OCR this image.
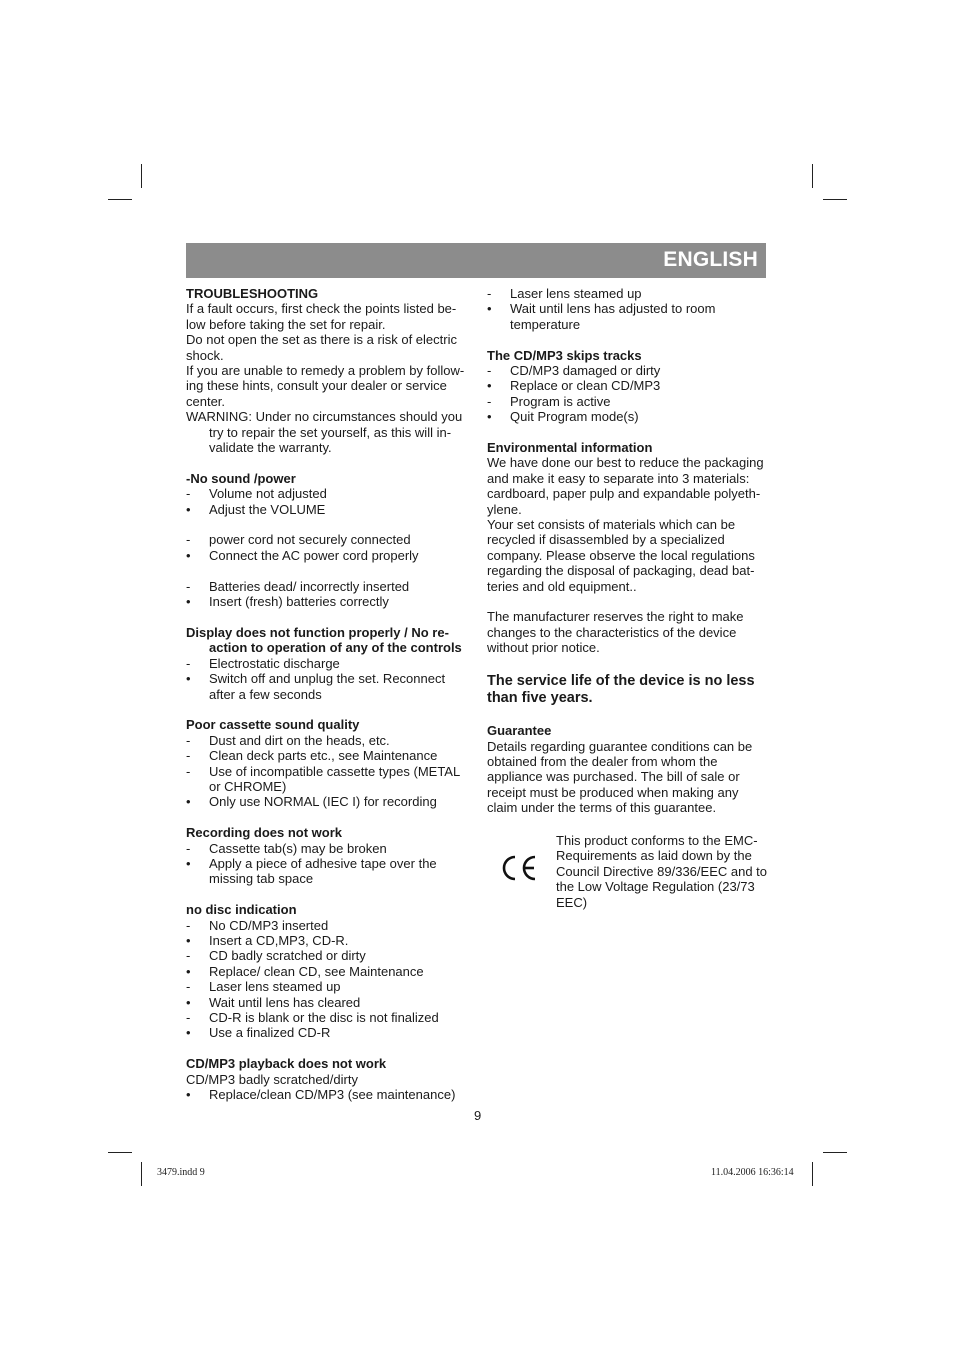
ENGLISH

TROUBLESHOOTING

If a fault occurs, first check the points listed be-low before taking the set for repair.

Do not open the set as there is a risk of electric shock.

If you are unable to remedy a problem by follow-ing these hints, consult your dealer or service center.

WARNING: Under no circumstances should you try to repair the set yourself, as this will in-validate the warranty.

-No sound /power

-	Volume not adjusted
•	Adjust the VOLUME
-	power cord not securely connected
•	Connect the AC power cord properly
-	Batteries dead/ incorrectly inserted
•	Insert (fresh) batteries correctly

Display does not function properly / No re-action to operation of any of the controls

-	Electrostatic discharge
•	Switch off and unplug the set. Reconnect after a few seconds

Poor cassette sound quality

-	Dust and dirt on the heads, etc.
-	Clean deck parts etc., see Maintenance
-	Use of incompatible cassette types (METAL or CHROME)
•	Only use NORMAL (IEC I) for recording

Recording does not work

-	Cassette tab(s) may be broken
•	Apply a piece of adhesive tape over the missing tab space

no disc indication

-	No CD/MP3 inserted
•	Insert a CD,MP3, CD-R.
-	CD badly scratched or dirty
•	Replace/ clean CD, see Maintenance
-	Laser lens steamed up
•	Wait until lens has cleared
-	CD-R is blank or the disc is not finalized
•	Use a finalized CD-R

CD/MP3 playback does not work

CD/MP3 badly scratched/dirty

•	Replace/clean CD/MP3 (see maintenance)
-	Laser lens steamed up
•	Wait until lens has adjusted to room temperature

The CD/MP3 skips tracks

-	CD/MP3 damaged or dirty
•	Replace or clean CD/MP3
-	Program is active
•	Quit Program mode(s)

Environmental information

We have done our best to reduce the packaging and make it easy to separate into 3 materials: cardboard, paper pulp and expandable polyeth-ylene.

Your set consists of materials which can be recycled if disassembled by a specialized company. Please observe the local regulations regarding the disposal of packaging, dead bat-teries and old equipment..

The manufacturer reserves the right to make changes to the characteristics of the device without prior notice.

The service life of the device is no less than five years.

Guarantee

Details regarding guarantee conditions can be obtained from the dealer from whom the appliance was purchased. The bill of sale or receipt must be produced when making any claim under the terms of this guarantee.

This product conforms to the EMC-Requirements as laid down by the Council Directive 89/336/EEC and to the Low Voltage Regulation (23/73 EEC)

9
3479.indd 9	11.04.2006 16:36:14
